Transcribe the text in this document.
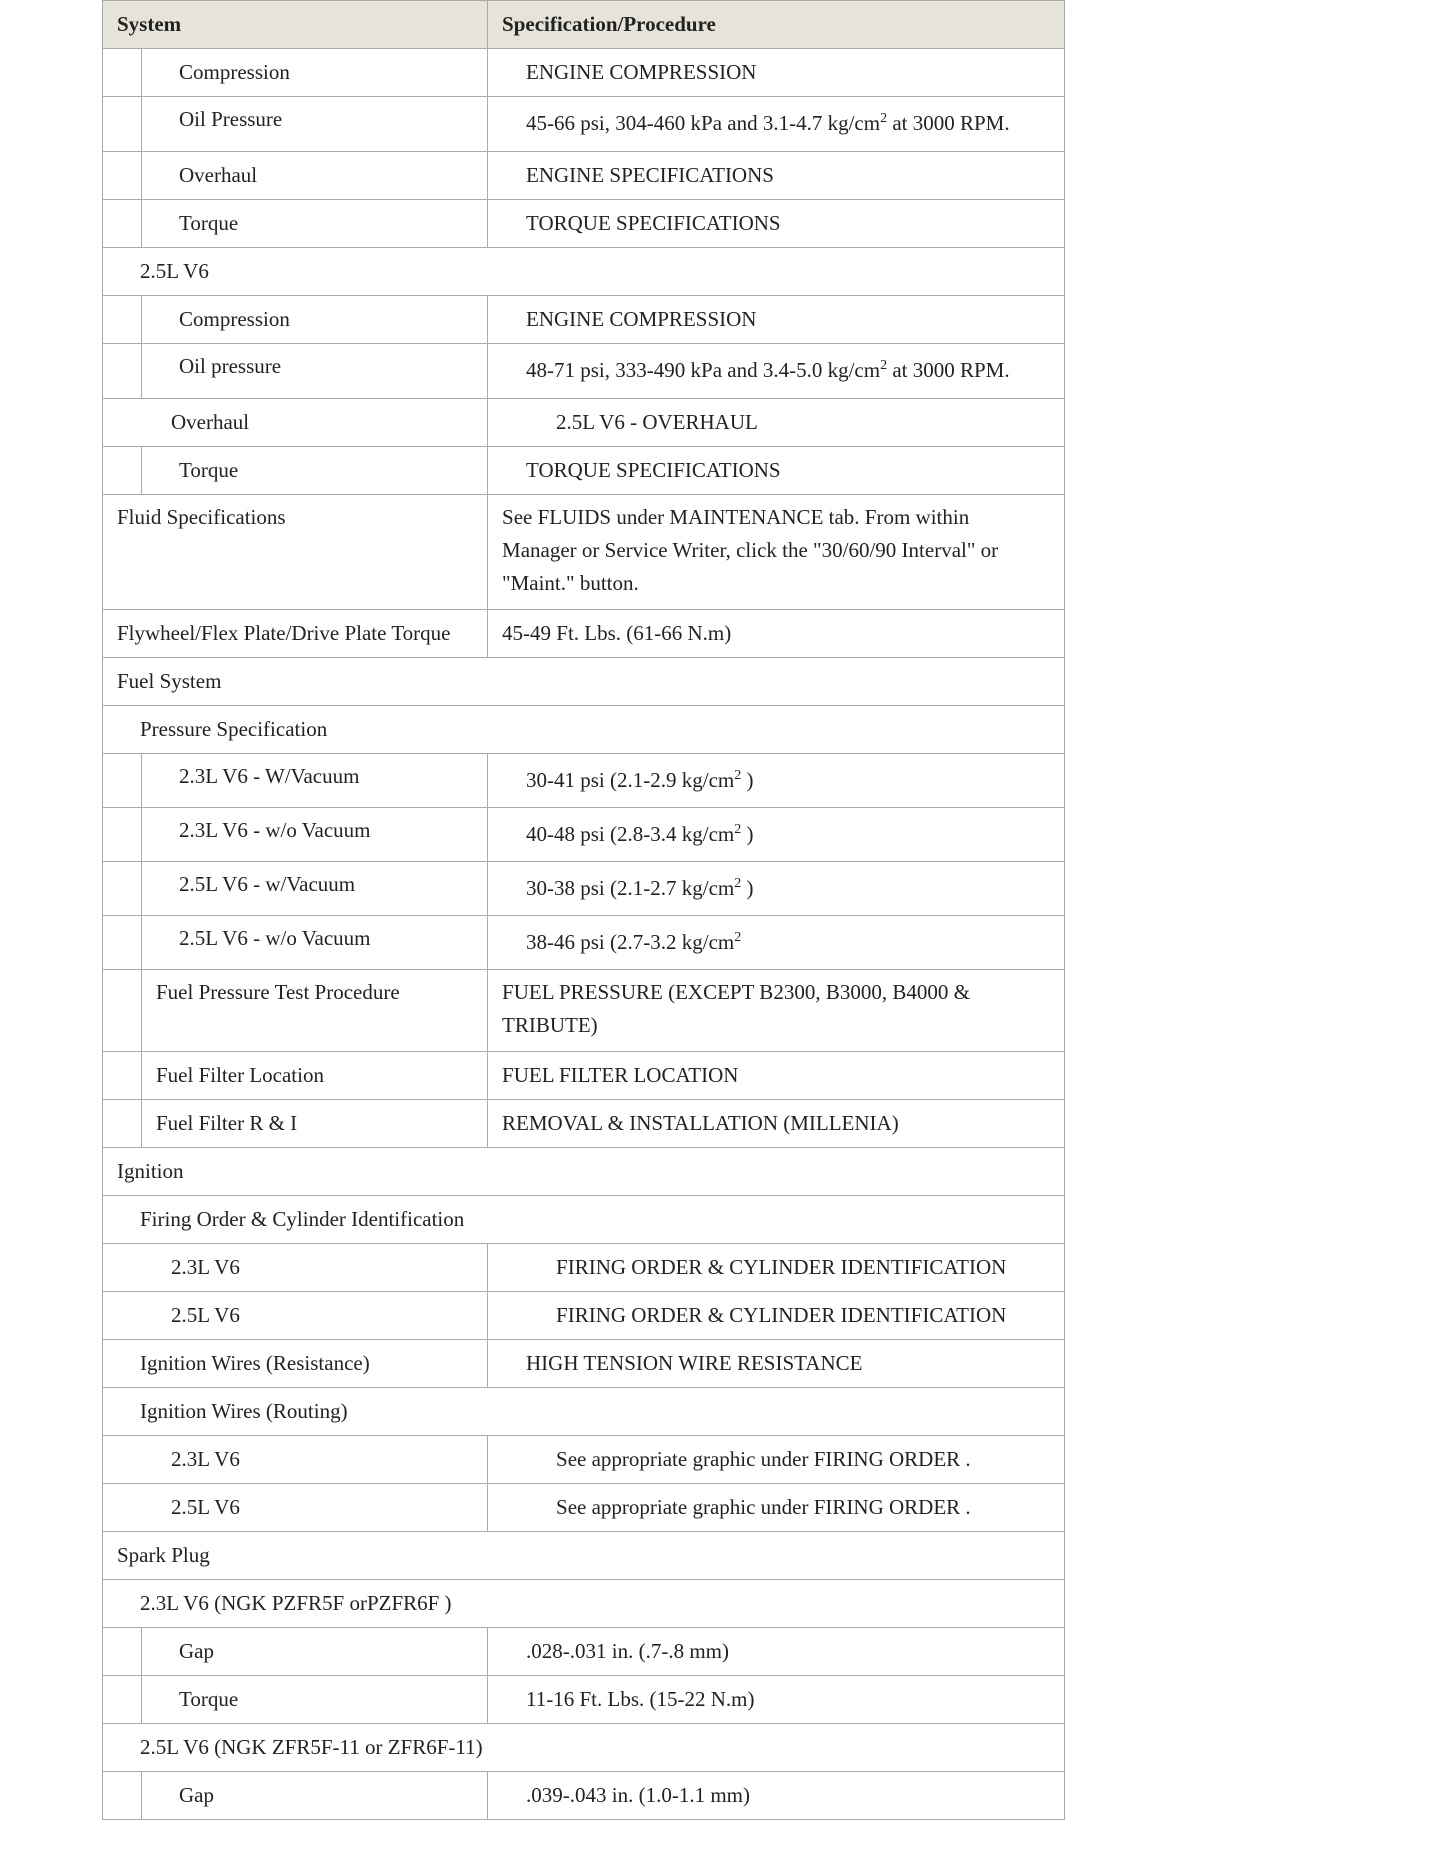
System		Specification/Procedure
	Compression	ENGINE COMPRESSION
	Oil Pressure	45-66 psi, 304-460 kPa and 3.1-4.7 $kg/cm^2$ at 3000 RPM.
	Overhaul	ENGINE SPECIFICATIONS
	Torque	TORQUE SPECIFICATIONS
2.5L V6		
	Compression	ENGINE COMPRESSION
	Oil pressure	48-71 psi, 333-490 kPa and 3.4-5.0 $kg/cm^2$ at 3000 RPM.
Overhaul		2.5L V6 - OVERHAUL
	Torque	TORQUE SPECIFICATIONS
Fluid Specifications		See FLUIDS under MAINTENANCE tab. From within Manager or Service Writer, click the "30/60/90 Interval" or "Maint." button.
Flywheel/Flex Plate/Drive Plate Torque		45-49 Ft. Lbs. (61-66 N.m)
Fuel System		
Pressure Specification		
	2.3L V6 - W/Vacuum	30-41 psi (2.1-2.9 $kg/cm^2$ )
	2.3L V6 - w/o Vacuum	40-48 psi (2.8-3.4 $kg/cm^2$ )
	2.5L V6 - w/Vacuum	30-38 psi (2.1-2.7 $kg/cm^2$ )
	2.5L V6 - w/o Vacuum	38-46 psi (2.7-3.2 $kg/cm^2$
	Fuel Pressure Test Procedure	FUEL PRESSURE (EXCEPT B2300, B3000, B4000 & TRIBUTE)
	Fuel Filter Location	FUEL FILTER LOCATION
	Fuel Filter R & I	REMOVAL & INSTALLATION (MILLENIA)
Ignition		
Firing Order & Cylinder Identification		
2.3L V6		FIRING ORDER & CYLINDER IDENTIFICATION
2.5L V6		FIRING ORDER & CYLINDER IDENTIFICATION
Ignition Wires (Resistance)		HIGH TENSION WIRE RESISTANCE
Ignition Wires (Routing)		
2.3L V6		See appropriate graphic under FIRING ORDER .
2.5L V6		See appropriate graphic under FIRING ORDER .
Spark Plug		
2.3L V6 (NGK PZFR5F orPZFR6F )		
	Gap	.028-.031 in. (.7-.8 mm)
	Torque	11-16 Ft. Lbs. (15-22 N.m)
2.5L V6 (NGK ZFR5F-11 or ZFR6F-11)		
	Gap	.039-.043 in. (1.0-1.1 mm)
